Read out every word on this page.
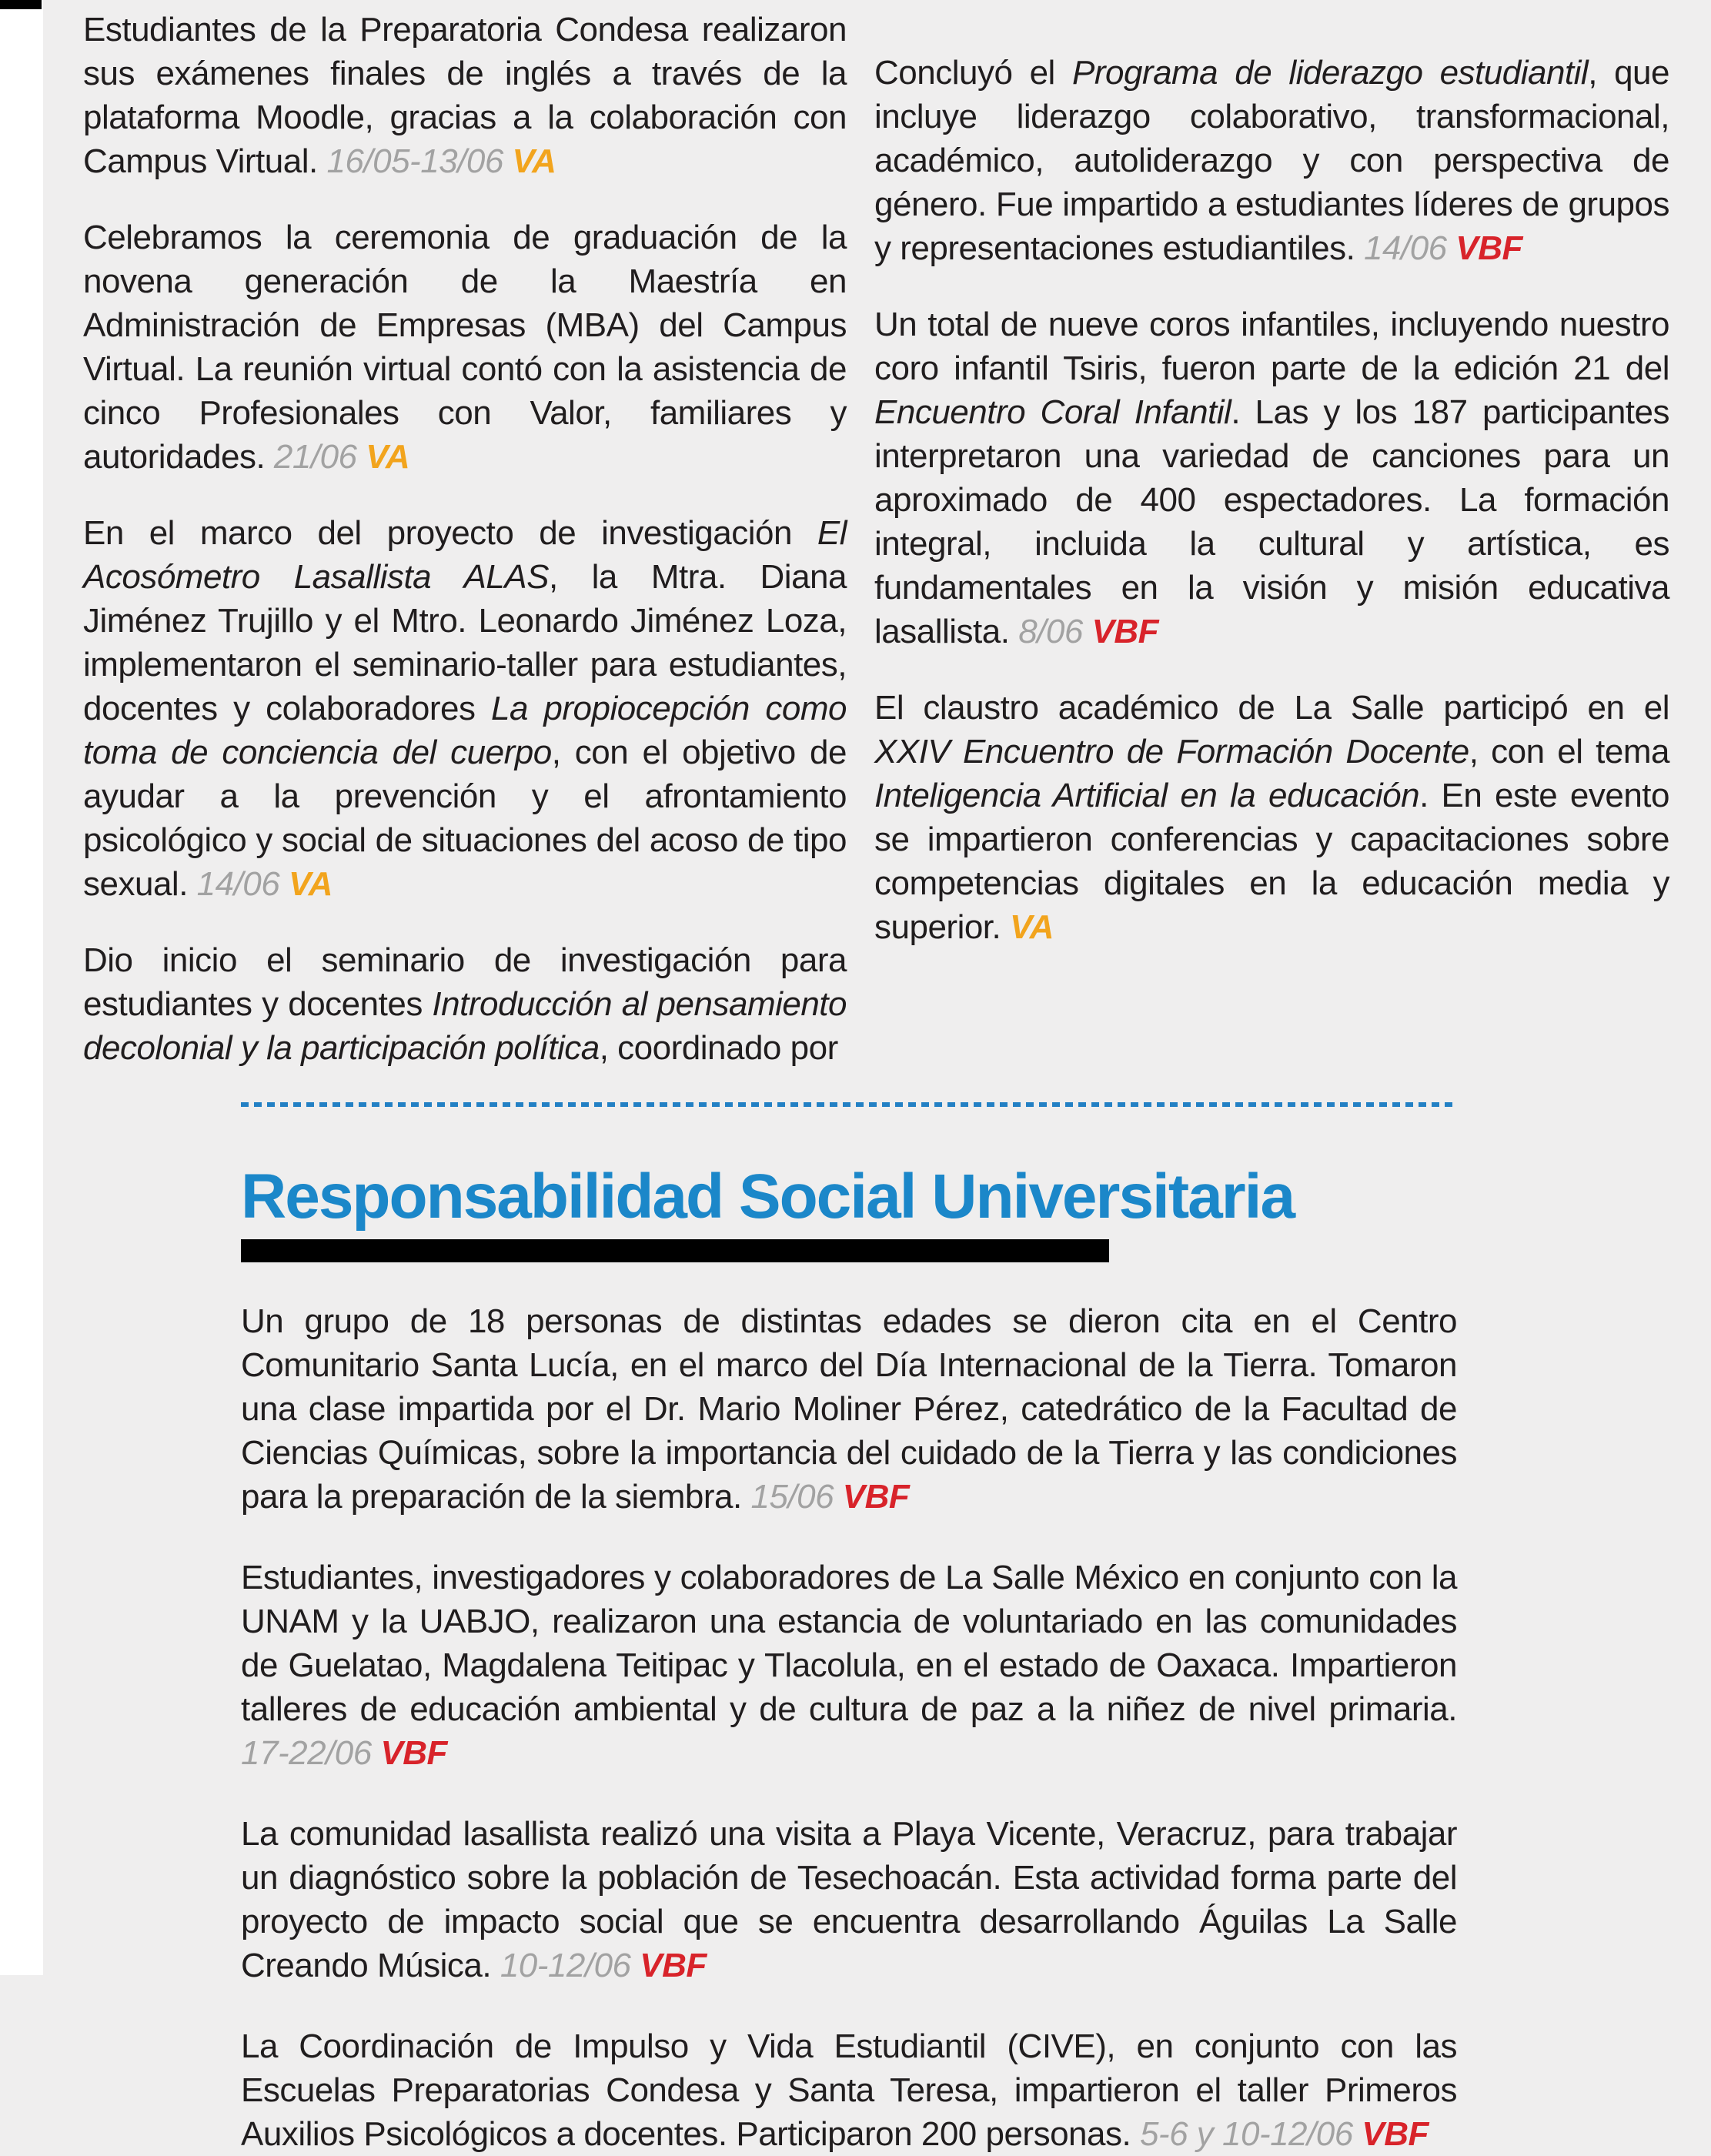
Estudiantes de la Preparatoria Condesa realizaron sus exámenes finales de inglés a través de la plataforma Moodle, gracias a la colaboración con Campus Virtual. 16/05-13/06 VA

Celebramos la ceremonia de graduación de la novena generación de la Maestría en Administración de Empresas (MBA) del Campus Virtual. La reunión virtual contó con la asistencia de cinco Profesionales con Valor, familiares y autoridades. 21/06 VA

En el marco del proyecto de investigación El Acosómetro Lasallista ALAS, la Mtra. Diana Jiménez Trujillo y el Mtro. Leonardo Jiménez Loza, implementaron el seminario-taller para estudiantes, docentes y colaboradores La propiocepción como toma de conciencia del cuerpo, con el objetivo de ayudar a la prevención y el afrontamiento psicológico y social de situaciones del acoso de tipo sexual. 14/06 VA

Dio inicio el seminario de investigación para estudiantes y docentes Introducción al pensamiento decolonial y la participación política, coordinado por

Concluyó el Programa de liderazgo estudiantil, que incluye liderazgo colaborativo, transformacional, académico, autoliderazgo y con perspectiva de género. Fue impartido a estudiantes líderes de grupos y representaciones estudiantiles. 14/06 VBF

Un total de nueve coros infantiles, incluyendo nuestro coro infantil Tsiris, fueron parte de la edición 21 del Encuentro Coral Infantil. Las y los 187 participantes interpretaron una variedad de canciones para un aproximado de 400 espectadores. La formación integral, incluida la cultural y artística, es fundamentales en la visión y misión educativa lasallista. 8/06 VBF

El claustro académico de La Salle participó en el XXIV Encuentro de Formación Docente, con el tema Inteligencia Artificial en la educación. En este evento se impartieron conferencias y capacitaciones sobre competencias digitales en la educación media y superior. VA

Responsabilidad Social Universitaria

Un grupo de 18 personas de distintas edades se dieron cita en el Centro Comunitario Santa Lucía, en el marco del Día Internacional de la Tierra. Tomaron una clase impartida por el Dr. Mario Moliner Pérez, catedrático de la Facultad de Ciencias Químicas, sobre la importancia del cuidado de la Tierra y las condiciones para la preparación de la siembra. 15/06 VBF

Estudiantes, investigadores y colaboradores de La Salle México en conjunto con la UNAM y la UABJO, realizaron una estancia de voluntariado en las comunidades de Guelatao, Magdalena Teitipac y Tlacolula, en el estado de Oaxaca. Impartieron talleres de educación ambiental y de cultura de paz a la niñez de nivel primaria. 17-22/06 VBF

La comunidad lasallista realizó una visita a Playa Vicente, Veracruz, para trabajar un diagnóstico sobre la población de Tesechoacán. Esta actividad forma parte del proyecto de impacto social que se encuentra desarrollando Águilas La Salle Creando Música. 10-12/06 VBF

La Coordinación de Impulso y Vida Estudiantil (CIVE), en conjunto con las Escuelas Preparatorias Condesa y Santa Teresa, impartieron el taller Primeros Auxilios Psicológicos a docentes. Participaron 200 personas. 5-6 y 10-12/06 VBF
